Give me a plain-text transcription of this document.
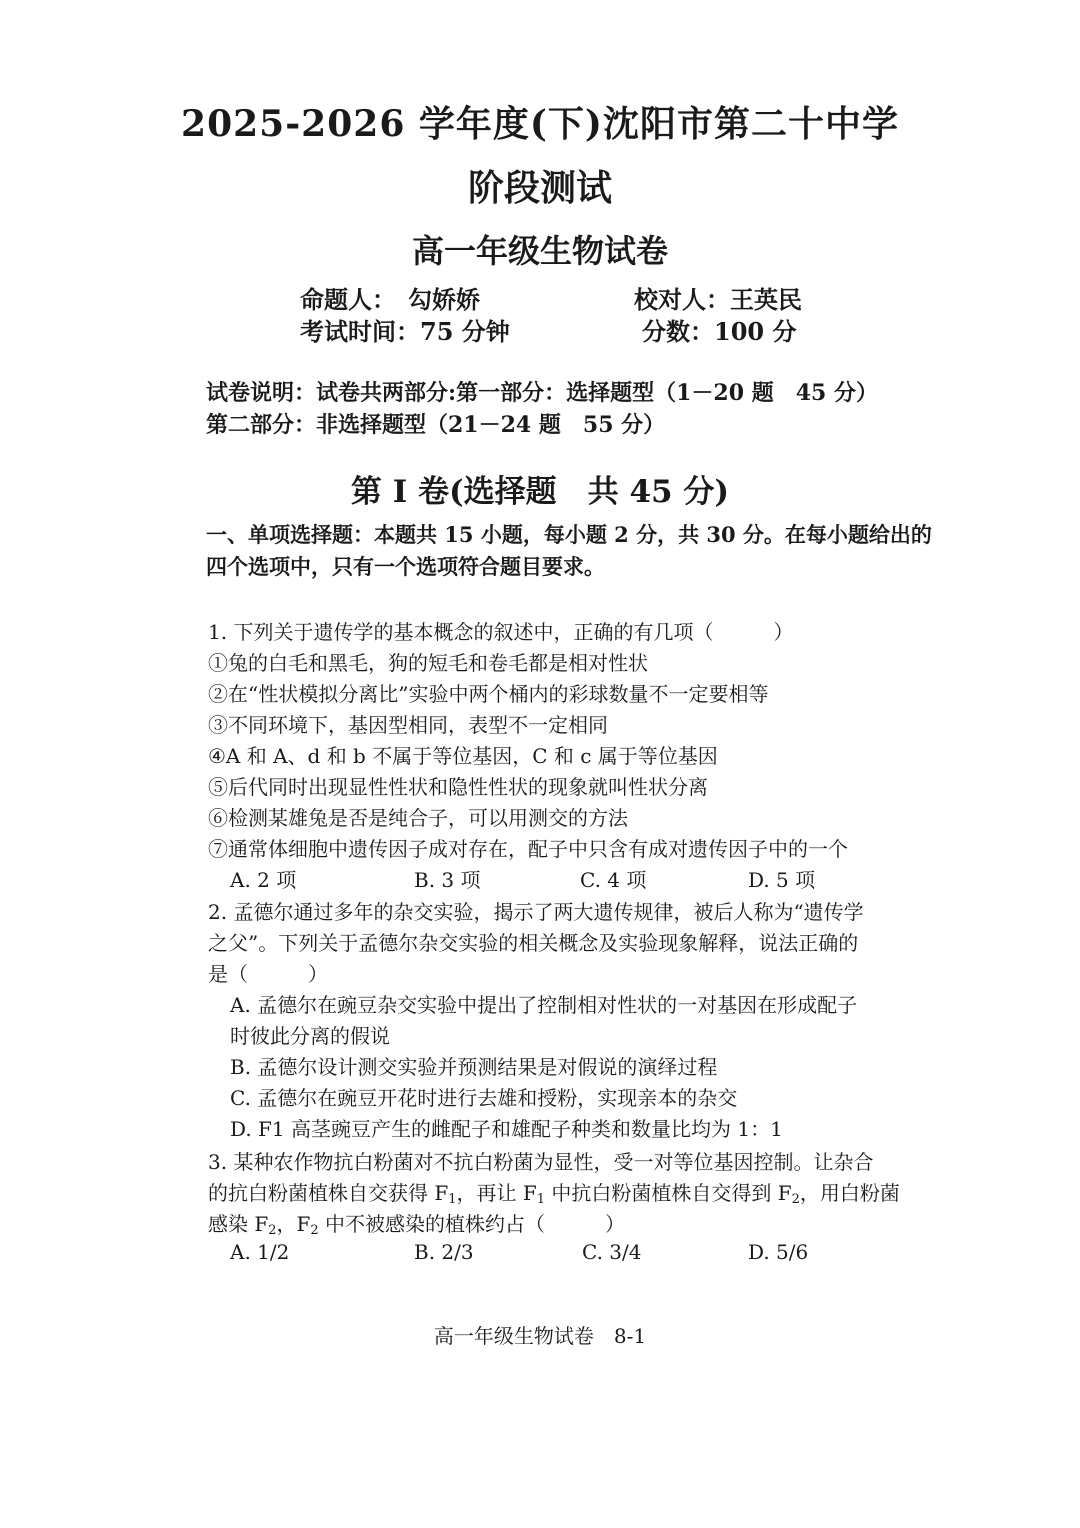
2025-2026 学年度(下)沈阳市第二十中学
阶段测试
高一年级生物试卷
命题人： 勾娇娇	校对人：王英民
考试时间：75 分钟	分数：100 分
试卷说明：试卷共两部分:第一部分：选择题型（1－20 题　45 分）
第二部分：非选择题型（21－24 题　55 分）
第 I 卷(选择题　共 45 分)
一、单项选择题：本题共 15 小题，每小题 2 分，共 30 分。在每小题给出的
四个选项中，只有一个选项符合题目要求。
1. 下列关于遗传学的基本概念的叙述中，正确的有几项（　　　）
①兔的白毛和黑毛，狗的短毛和卷毛都是相对性状
②在“性状模拟分离比”实验中两个桶内的彩球数量不一定要相等
③不同环境下，基因型相同，表型不一定相同
④A 和 A、d 和 b 不属于等位基因，C 和 c 属于等位基因
⑤后代同时出现显性性状和隐性性状的现象就叫性状分离
⑥检测某雄兔是否是纯合子，可以用测交的方法
⑦通常体细胞中遗传因子成对存在，配子中只含有成对遗传因子中的一个
A. 2 项	B. 3 项	C. 4 项	D. 5 项
2. 孟德尔通过多年的杂交实验，揭示了两大遗传规律，被后人称为“遗传学
之父”。下列关于孟德尔杂交实验的相关概念及实验现象解释，说法正确的
是（　　　）
A. 孟德尔在豌豆杂交实验中提出了控制相对性状的一对基因在形成配子
时彼此分离的假说
B. 孟德尔设计测交实验并预测结果是对假说的演绎过程
C. 孟德尔在豌豆开花时进行去雄和授粉，实现亲本的杂交
D. F1 高茎豌豆产生的雌配子和雄配子种类和数量比均为 1：1
3. 某种农作物抗白粉菌对不抗白粉菌为显性，受一对等位基因控制。让杂合
的抗白粉菌植株自交获得 $F_1$，再让 $F_1$ 中抗白粉菌植株自交得到 $F_2$，用白粉菌
感染 $F_2$，$F_2$ 中不被感染的植株约占（　　　）
A. 1/2	B. 2/3	C. 3/4	D. 5/6
高一年级生物试卷　8-1
